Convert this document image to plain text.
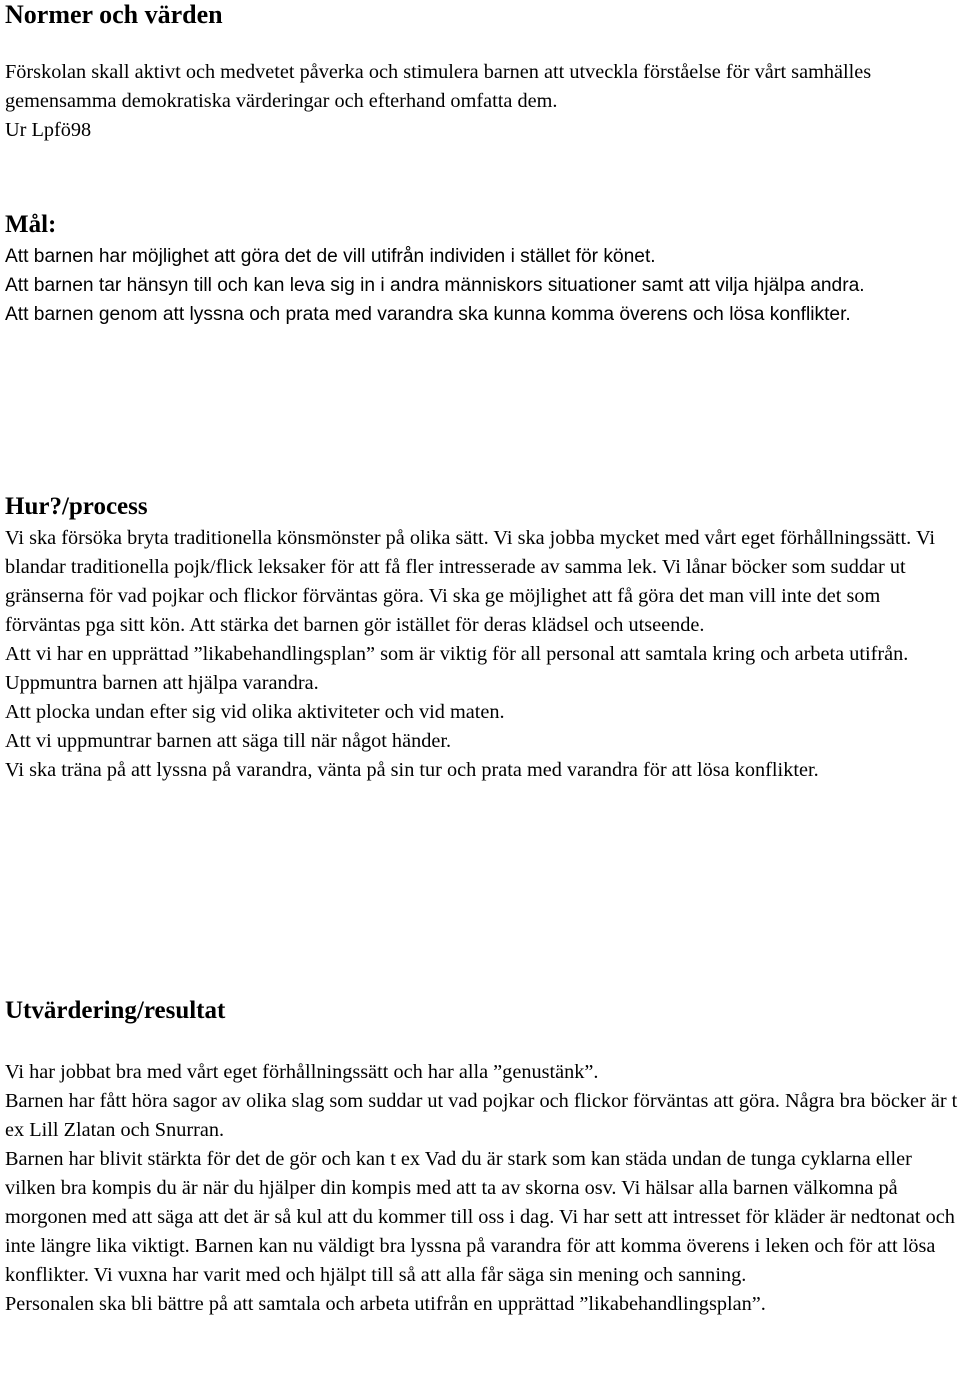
Normer och värden

Förskolan skall aktivt och medvetet påverka och stimulera barnen att utveckla förståelse för vårt samhälles gemensamma demokratiska värderingar och efterhand omfatta dem.

Ur Lpfö98

Mål:

Att barnen har möjlighet att göra det de vill utifrån individen i stället för könet.

Att barnen tar hänsyn till och kan leva sig in i andra människors situationer samt att vilja hjälpa andra.

Att barnen genom att lyssna och prata med varandra ska kunna komma överens och lösa konflikter.

Hur?/process

Vi ska försöka bryta traditionella könsmönster på olika sätt. Vi ska jobba mycket med vårt eget förhållningssätt. Vi blandar traditionella pojk/flick leksaker för att få fler intresserade av samma lek. Vi lånar böcker som suddar ut gränserna för vad pojkar och flickor förväntas göra. Vi ska ge möjlighet att få göra det man vill inte det som förväntas pga sitt kön. Att stärka det barnen gör istället för deras klädsel och utseende.

Att vi har en upprättad ”likabehandlingsplan” som är viktig för all personal att samtala kring och arbeta utifrån.

Uppmuntra barnen att hjälpa varandra.

Att plocka undan efter sig vid olika aktiviteter och vid maten.

Att vi uppmuntrar barnen att säga till när något händer.

Vi ska träna på att lyssna på varandra, vänta på sin tur och prata med varandra för att lösa konflikter.

Utvärdering/resultat

Vi har jobbat bra med vårt eget förhållningssätt och har alla ”genustänk”.

Barnen har fått höra sagor av olika slag som suddar ut vad pojkar och flickor förväntas att göra. Några bra böcker är t ex Lill Zlatan och Snurran.

Barnen har blivit stärkta för det de gör och kan t ex Vad du är stark som kan städa undan de tunga cyklarna eller vilken bra kompis du är när du hjälper din kompis med att ta av skorna osv. Vi hälsar alla barnen välkomna på morgonen med att säga att det är så kul att du kommer till oss i dag. Vi har sett att intresset för kläder är nedtonat och inte längre lika viktigt. Barnen kan nu väldigt bra lyssna på varandra för att komma överens i leken och för att lösa konflikter. Vi vuxna har varit med och hjälpt till så att alla får säga sin mening och sanning.

Personalen ska bli bättre på att samtala och arbeta utifrån en upprättad ”likabehandlingsplan”.
